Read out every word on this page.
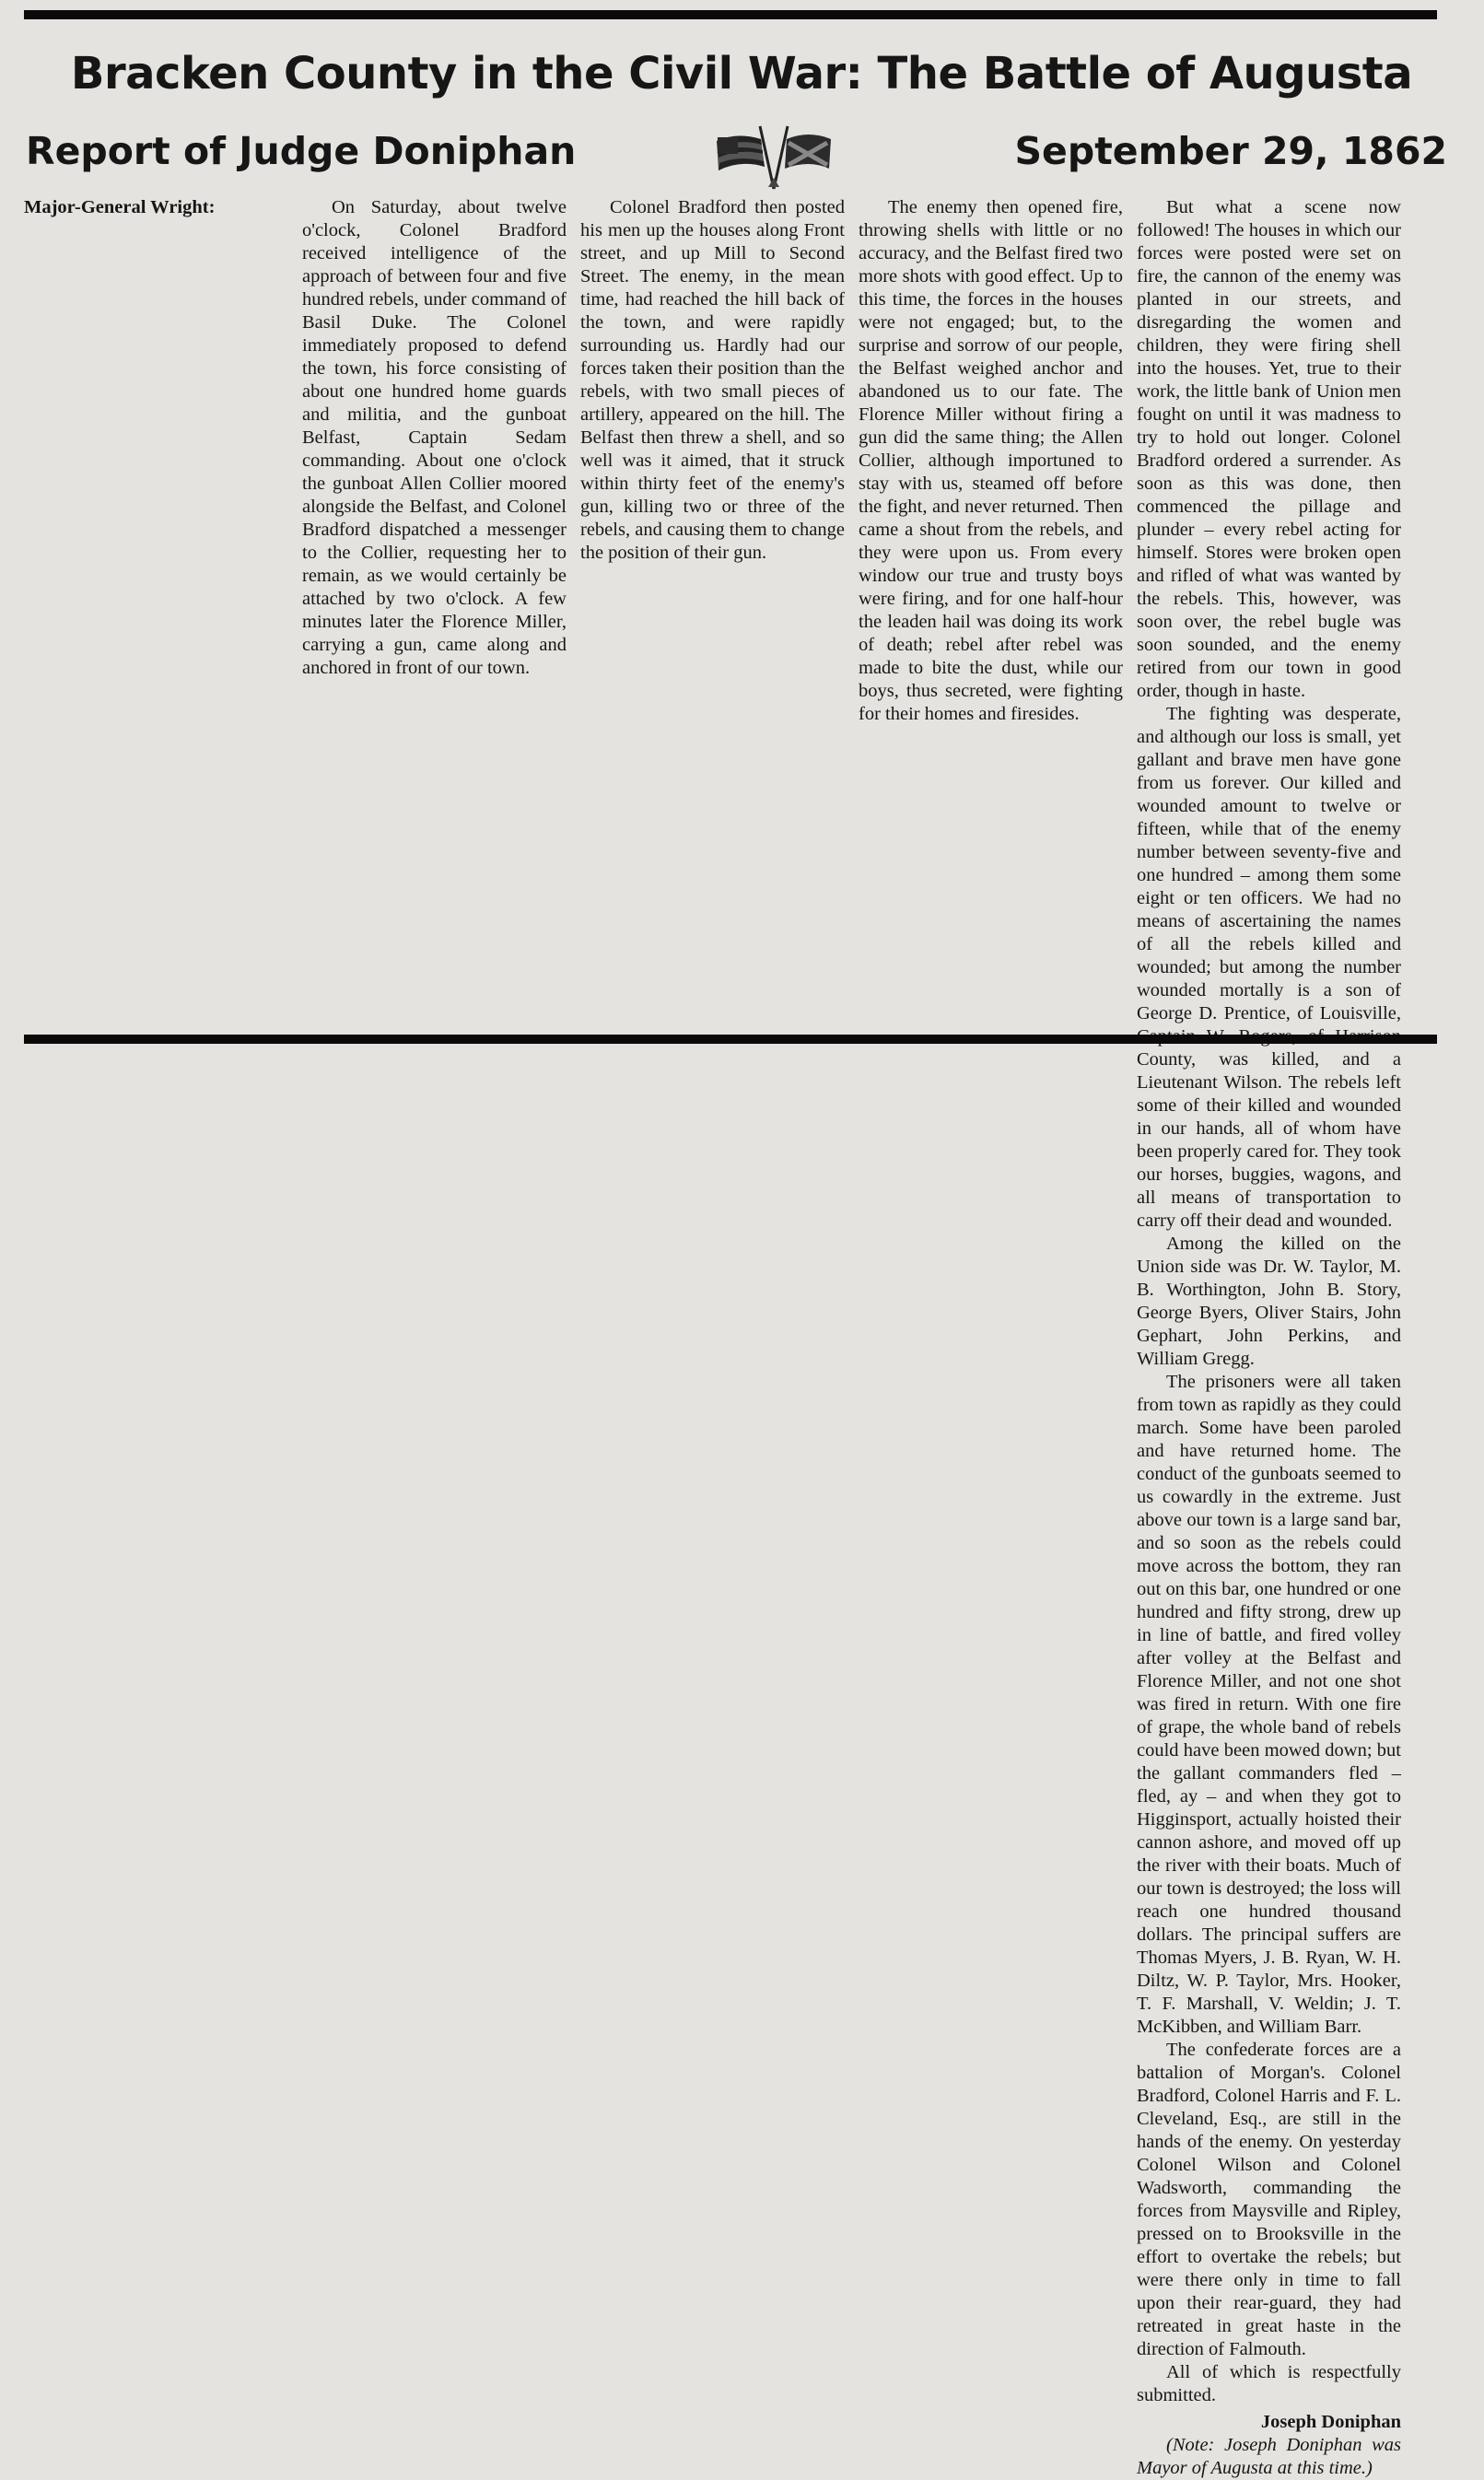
Bracken County in the Civil War: The Battle of Augusta
Report of Judge Doniphan	September 29, 1862

Major-General Wright:	On Saturday, about twelve o'clock, Colonel Bradford received intelligence of the approach of between four and five hundred rebels, under command of Basil Duke. The Colonel immediately proposed to defend the town, his force consisting of about one hundred home guards and militia, and the gunboat Belfast, Captain Sedam commanding. About one o'clock the gunboat Allen Collier moored alongside the Belfast, and Colonel Bradford dispatched a messenger to the Collier, requesting her to remain, as we would certainly be attached by two o'clock. A few minutes later the Florence Miller, carrying a gun, came along and anchored in front of our town.

Colonel Bradford then posted his men up the houses along Front street, and up Mill to Second Street. The enemy, in the mean time, had reached the hill back of the town, and were rapidly surrounding us. Hardly had our forces taken their position than the rebels, with two small pieces of artillery, appeared on the hill. The Belfast then threw a shell, and so well was it aimed, that it struck within thirty feet of the enemy's gun, killing two or three of the rebels, and causing them to change the position of their gun.

The enemy then opened fire, throwing shells with little or no accuracy, and the Belfast fired two more shots with good effect. Up to this time, the forces in the houses were not engaged; but, to the surprise and sorrow of our people, the Belfast weighed anchor and abandoned us to our fate. The Florence Miller without firing a gun did the same thing; the Allen Collier, although importuned to stay with us, steamed off before the fight, and never returned. Then came a shout from the rebels, and they were upon us. From every window our true and trusty boys were firing, and for one half-hour the leaden hail was doing its work of death; rebel after rebel was made to bite the dust, while our boys, thus secreted, were fighting for their homes and firesides.

But what a scene now followed! The houses in which our forces were posted were set on fire, the cannon of the enemy was planted in our streets, and disregarding the women and children, they were firing shell into the houses. Yet, true to their work, the little bank of Union men fought on until it was madness to try to hold out longer. Colonel Bradford ordered a surrender. As soon as this was done, then commenced the pillage and plunder – every rebel acting for himself. Stores were broken open and rifled of what was wanted by the rebels. This, however, was soon over, the rebel bugle was soon sounded, and the enemy retired from our town in good order, though in haste.

The fighting was desperate, and although our loss is small, yet gallant and brave men have gone from us forever. Our killed and wounded amount to twelve or fifteen, while that of the enemy number between seventy-five and one hundred – among them some eight or ten officers. We had no means of ascertaining the names of all the rebels killed and wounded; but among the number wounded mortally is a son of George D. Prentice, of Louisville, County, was killed, and a Lieutenant Wilson. The rebels left some of their killed and wounded in our hands, all of whom have been properly cared for. They took our horses, buggies, wagons, and all means of transportation to carry off their dead and wounded.

Among the killed on the Union side was Dr. W. Taylor, M. B. Worthington, John B. Story, George Byers, Oliver Stairs, John Gephart, John Perkins, and William Gregg.

The prisoners were all taken from town as rapidly as they could march. Some have been paroled and have returned home. The conduct of the gunboats seemed to us cowardly in the extreme. Just above our town is a large sand bar, and so soon as the rebels could move across the bottom, they ran out on this bar, one hundred or one hundred and fifty strong, drew up in line of battle, and fired volley after volley at the Belfast and Florence Miller, and not one shot was fired in return. With one fire of grape, the whole band of rebels could have been mowed down; but the gallant commanders fled – fled, ay – and when they got to Higginsport, actually hoisted their cannon ashore, and moved off up the river with their boats. Much of our town is destroyed; the loss will reach one hundred thousand dollars. The principal suffers are Thomas Myers, J. B. Ryan, W. H. Diltz, W. P. Taylor, Mrs. Hooker, T. F. Marshall, V. Weldin; J. T. McKibben, and William Barr.

The confederate forces are a battalion of Morgan's. Colonel Bradford, Colonel Harris and F. L. Cleveland, Esq., are still in the hands of the enemy. On yesterday Colonel Wilson and Colonel Wadsworth, commanding the forces from Maysville and Ripley, pressed on to Brooksville in the effort to overtake the rebels; but were there only in time to fall upon their rear-guard, they had retreated in great haste in the direction of Falmouth.

All of which is respectfully submitted.

Joseph Doniphan

(Note: Joseph Doniphan was Mayor of Augusta at this time.)
